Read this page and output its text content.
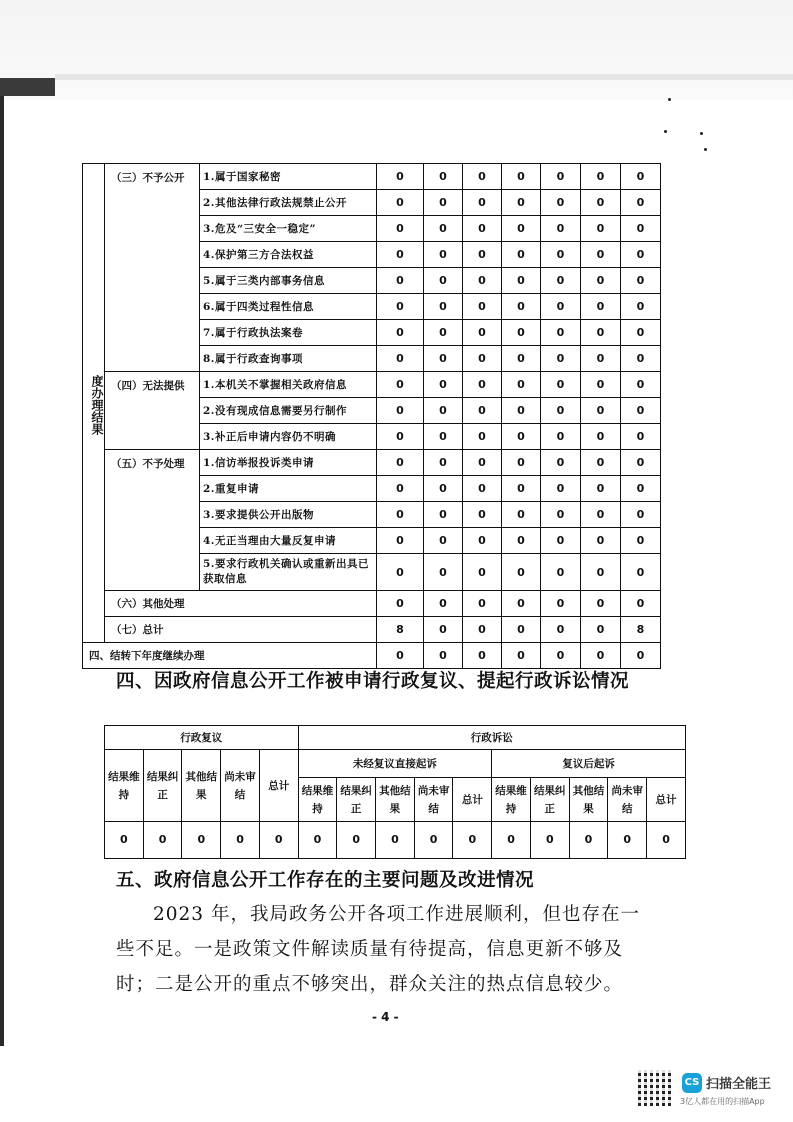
度办理结果	（三）不予公开	1.属于国家秘密	0	0	0	0	0	0	0
		2.其他法律行政法规禁止公开	0	0	0	0	0	0	0
		3.危及“三安全一稳定”	0	0	0	0	0	0	0
		4.保护第三方合法权益	0	0	0	0	0	0	0
		5.属于三类内部事务信息	0	0	0	0	0	0	0
		6.属于四类过程性信息	0	0	0	0	0	0	0
		7.属于行政执法案卷	0	0	0	0	0	0	0
		8.属于行政查询事项	0	0	0	0	0	0	0
	（四）无法提供	1.本机关不掌握相关政府信息	0	0	0	0	0	0	0
		2.没有现成信息需要另行制作	0	0	0	0	0	0	0
		3.补正后申请内容仍不明确	0	0	0	0	0	0	0
	（五）不予处理	1.信访举报投诉类申请	0	0	0	0	0	0	0
		2.重复申请	0	0	0	0	0	0	0
		3.要求提供公开出版物	0	0	0	0	0	0	0
		4.无正当理由大量反复申请	0	0	0	0	0	0	0
		5.要求行政机关确认或重新出具已获取信息	0	0	0	0	0	0	0
	（六）其他处理		0	0	0	0	0	0	0
	（七）总计		8	0	0	0	0	0	8
四、结转下年度继续办理			0	0	0	0	0	0	0
四、因政府信息公开工作被申请行政复议、提起行政诉讼情况
行政复议					行政诉讼									
结果维持	结果纠正	其他结果	尚未审结	总计	未经复议直接起诉					复议后起诉				
					结果维持	结果纠正	其他结果	尚未审结	总计	结果维持	结果纠正	其他结果	尚未审结	总计
0	0	0	0	0	0	0	0	0	0	0	0	0	0	0
五、政府信息公开工作存在的主要问题及改进情况
2023 年，我局政务公开各项工作进展顺利，但也存在一
些不足。一是政策文件解读质量有待提高，信息更新不够及
时；二是公开的重点不够突出，群众关注的热点信息较少。
- 4 -
CS 扫描全能王
3亿人都在用的扫描App
